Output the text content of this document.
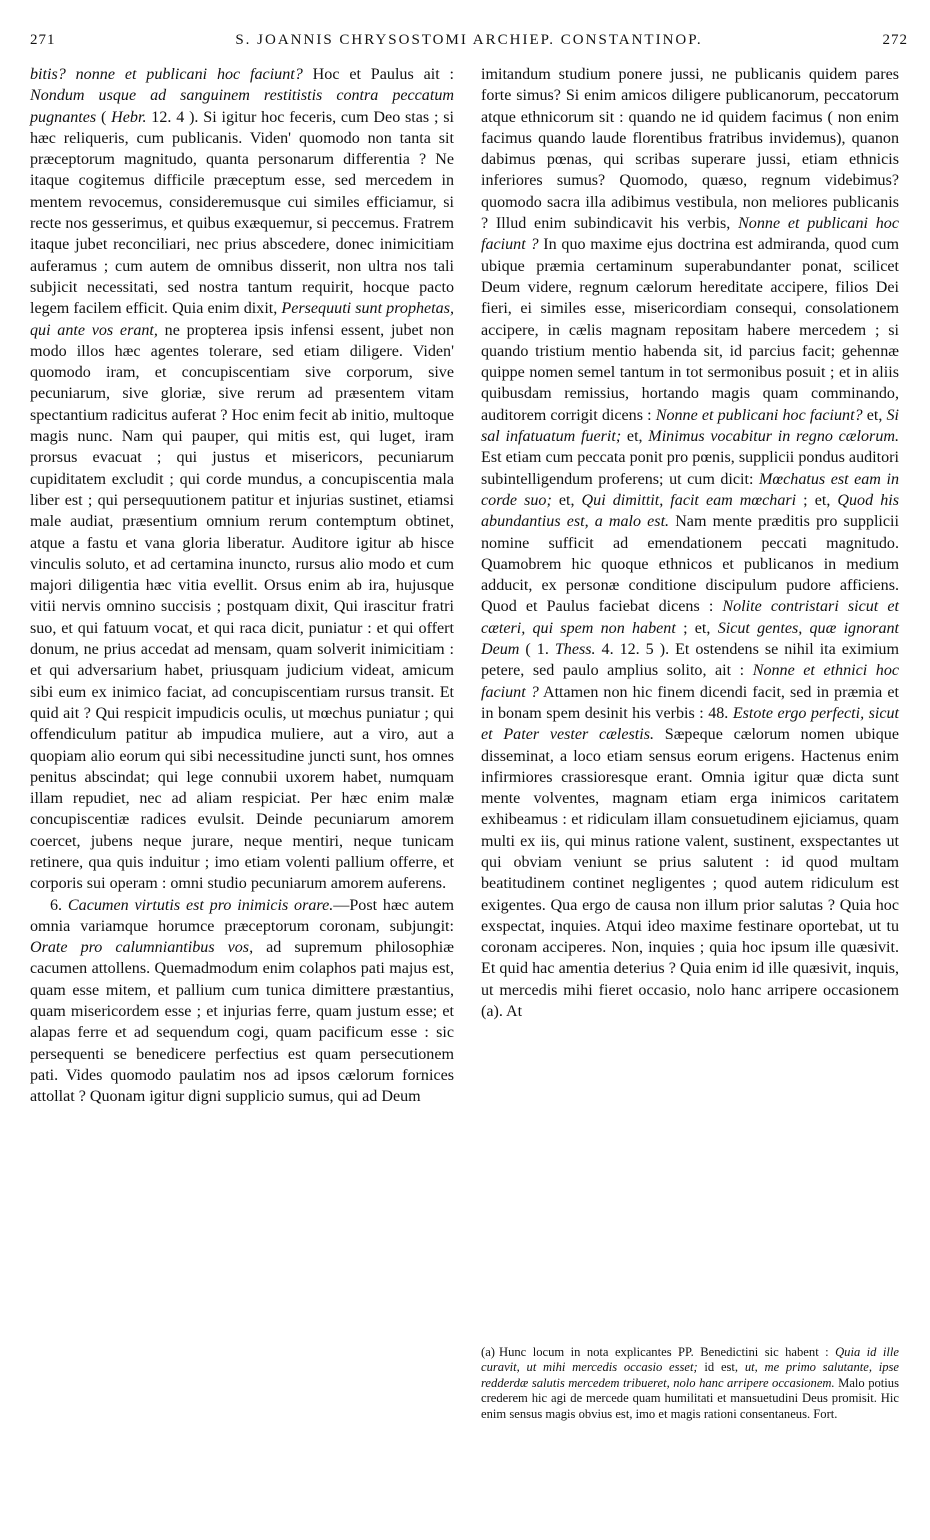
271	S. JOANNIS CHRYSOSTOMI ARCHIEP. CONSTANTINOP.	272

bitis? nonne et publicani hoc faciunt? Hoc et Paulus ait : Nondum usque ad sanguinem restitistis contra peccatum pugnantes ( Hebr. 12. 4 ). Si igitur hoc feceris, cum Deo stas ; si hæc reliqueris, cum publicanis. Viden' quomodo non tanta sit præceptorum magnitudo, quanta personarum differentia ? Ne itaque cogitemus difficile præceptum esse, sed mercedem in mentem revocemus, consideremusque cui similes efficiamur, si recte nos gesserimus, et quibus exæquemur, si peccemus. Fratrem itaque jubet reconciliari, nec prius abscedere, donec inimicitiam auferamus ; cum autem de omnibus disserit, non ultra nos tali subjicit necessitati, sed nostra tantum requirit, hocque pacto legem facilem efficit. Quia enim dixit, Persequuti sunt prophetas, qui ante vos erant, ne propterea ipsis infensi essent, jubet non modo illos hæc agentes tolerare, sed etiam diligere. Viden' quomodo iram, et concupiscentiam sive corporum, sive pecuniarum, sive gloriæ, sive rerum ad præsentem vitam spectantium radicitus auferat ? Hoc enim fecit ab initio, multoque magis nunc. Nam qui pauper, qui mitis est, qui luget, iram prorsus evacuat ; qui justus et misericors, pecuniarum cupiditatem excludit ; qui corde mundus, a concupiscentia mala liber est ; qui persequutionem patitur et injurias sustinet, etiamsi male audiat, præsentium omnium rerum contemptum obtinet, atque a fastu et vana gloria liberatur. Auditore igitur ab hisce vinculis soluto, et ad certamina inuncto, rursus alio modo et cum majori diligentia hæc vitia evellit. Orsus enim ab ira, hujusque vitii nervis omnino succisis ; postquam dixit, Qui irascitur fratri suo, et qui fatuum vocat, et qui raca dicit, puniatur : et qui offert donum, ne prius accedat ad mensam, quam solverit inimicitiam : et qui adversarium habet, priusquam judicium videat, amicum sibi eum ex inimico faciat, ad concupiscentiam rursus transit. Et quid ait ? Qui respicit impudicis oculis, ut mœchus puniatur ; qui offendiculum patitur ab impudica muliere, aut a viro, aut a quopiam alio eorum qui sibi necessitudine juncti sunt, hos omnes penitus abscindat; qui lege connubii uxorem habet, numquam illam repudiet, nec ad aliam respiciat. Per hæc enim malæ concupiscentiæ radices evulsit. Deinde pecuniarum amorem coercet, jubens neque jurare, neque mentiri, neque tunicam retinere, qua quis induitur ; imo etiam volenti pallium offerre, et corporis sui operam : omni studio pecuniarum amorem auferens.

6. Cacumen virtutis est pro inimicis orare.—Post hæc autem omnia variamque horumce præceptorum coronam, subjungit: Orate pro calumniantibus vos, ad supremum philosophiæ cacumen attollens. Quemadmodum enim colaphos pati majus est, quam esse mitem, et pallium cum tunica dimittere præstantius, quam misericordem esse ; et injurias ferre, quam justum esse; et alapas ferre et ad sequendum cogi, quam pacificum esse : sic persequenti se benedicere perfectius est quam persecutionem pati. Vides quomodo paulatim nos ad ipsos cælorum fornices attollat ? Quonam igitur digni supplicio sumus, qui ad Deum

imitandum studium ponere jussi, ne publicanis quidem pares forte simus? Si enim amicos diligere publicanorum, peccatorum atque ethnicorum sit : quando ne id quidem facimus ( non enim facimus quando laude florentibus fratribus invidemus), quanon dabimus pœnas, qui scribas superare jussi, etiam ethnicis inferiores sumus? Quomodo, quæso, regnum videbimus? quomodo sacra illa adibimus vestibula, non meliores publicanis ? Illud enim subindicavit his verbis, Nonne et publicani hoc faciunt ? In quo maxime ejus doctrina est admiranda, quod cum ubique præmia certaminum superabundanter ponat, scilicet Deum videre, regnum cælorum hereditate accipere, filios Dei fieri, ei similes esse, misericordiam consequi, consolationem accipere, in cælis magnam repositam habere mercedem ; si quando tristium mentio habenda sit, id parcius facit; gehennæ quippe nomen semel tantum in tot sermonibus posuit ; et in aliis quibusdam remissius, hortando magis quam comminando, auditorem corrigit dicens : Nonne et publicani hoc faciunt? et, Si sal infatuatum fuerit; et, Minimus vocabitur in regno cælorum. Est etiam cum peccata ponit pro pœnis, supplicii pondus auditori subintelligendum proferens; ut cum dicit: Mœchatus est eam in corde suo; et, Qui dimittit, facit eam mœchari ; et, Quod his abundantius est, a malo est. Nam mente præditis pro supplicii nomine sufficit ad emendationem peccati magnitudo. Quamobrem hic quoque ethnicos et publicanos in medium adducit, ex personæ conditione discipulum pudore afficiens. Quod et Paulus faciebat dicens : Nolite contristari sicut et cæteri, qui spem non habent ; et, Sicut gentes, quæ ignorant Deum ( 1. Thess. 4. 12. 5 ). Et ostendens se nihil ita eximium petere, sed paulo amplius solito, ait : Nonne et ethnici hoc faciunt ? Attamen non hic finem dicendi facit, sed in præmia et in bonam spem desinit his verbis : 48. Estote ergo perfecti, sicut et Pater vester cælestis. Sæpeque cælorum nomen ubique disseminat, a loco etiam sensus eorum erigens. Hactenus enim infirmiores crassioresque erant. Omnia igitur quæ dicta sunt mente volventes, magnam etiam erga inimicos caritatem exhibeamus : et ridiculam illam consuetudinem ejiciamus, quam multi ex iis, qui minus ratione valent, sustinent, exspectantes ut qui obviam veniunt se prius salutent : id quod multam beatitudinem continet negligentes ; quod autem ridiculum est exigentes. Qua ergo de causa non illum prior salutas ? Quia hoc exspectat, inquies. Atqui ideo maxime festinare oportebat, ut tu coronam acciperes. Non, inquies ; quia hoc ipsum ille quæsivit. Et quid hac amentia deterius ? Quia enim id ille quæsivit, inquis, ut mercedis mihi fieret occasio, nolo hanc arripere occasionem (a). At

(a) Hunc locum in nota explicantes PP. Benedictini sic habent : Quia id ille curavit, ut mihi mercedis occasio esset; id est, ut, me primo salutante, ipse redderdæ salutis mercedem tribueret, nolo hanc arripere occasionem. Malo potius crederem hic agi de mercede quam humilitati et mansuetudini Deus promisit. Hic enim sensus magis obvius est, imo et magis rationi consentaneus. Fort.
